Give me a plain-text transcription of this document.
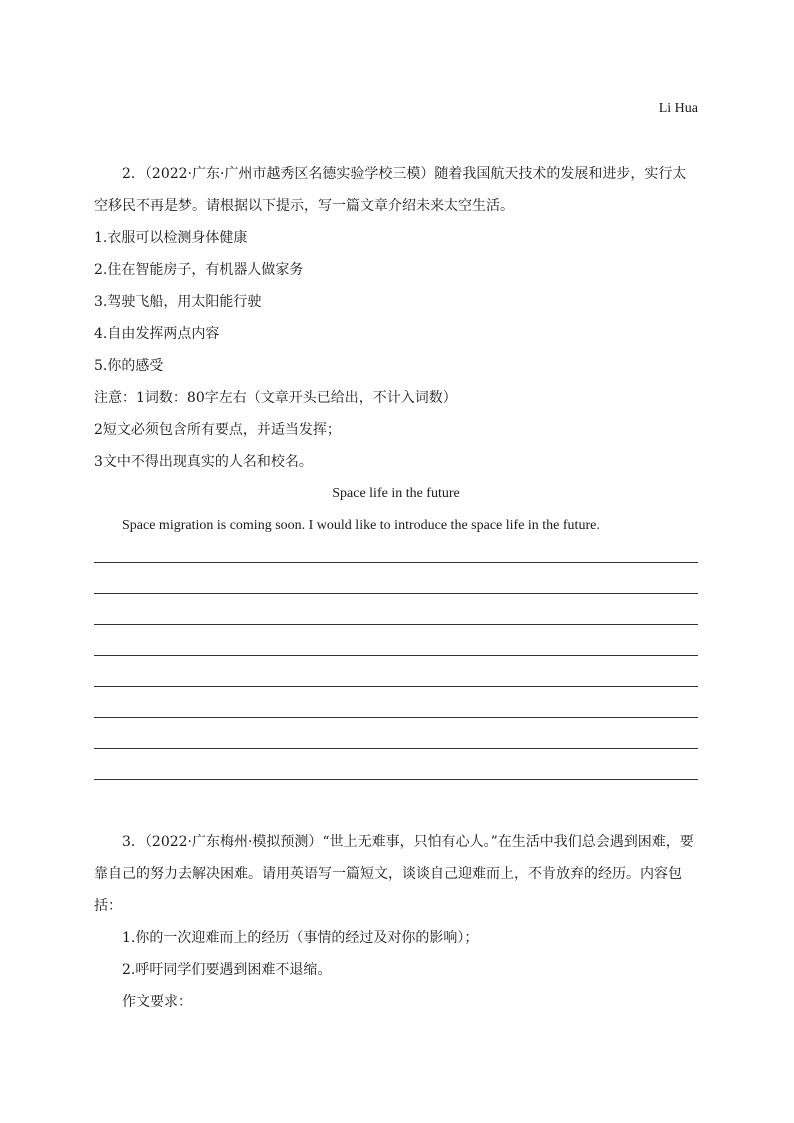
Li Hua

2．（2022·广东·广州市越秀区名德实验学校三模）随着我国航天技术的发展和进步，实行太空移民不再是梦。请根据以下提示，写一篇文章介绍未来太空生活。

1.衣服可以检测身体健康

2.住在智能房子，有机器人做家务

3.驾驶飞船，用太阳能行驶

4.自由发挥两点内容

5.你的感受

注意：1词数：80字左右（文章开头已给出，不计入词数）

2短文必须包含所有要点，并适当发挥；

3文中不得出现真实的人名和校名。

Space life in the future

Space migration is coming soon. I would like to introduce the space life in the future.

3．（2022·广东梅州·模拟预测）“世上无难事，只怕有心人。”在生活中我们总会遇到困难，要靠自己的努力去解决困难。请用英语写一篇短文，谈谈自己迎难而上，不肯放弃的经历。内容包括：

1.你的一次迎难而上的经历（事情的经过及对你的影响）；

2.呼吁同学们要遇到困难不退缩。

作文要求：
